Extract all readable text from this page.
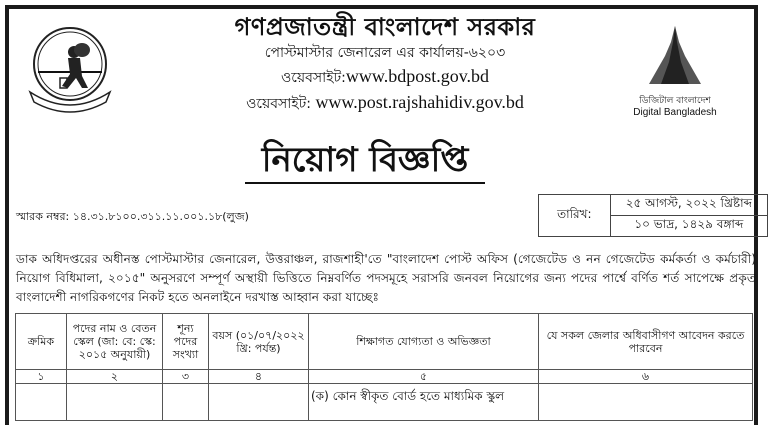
গণপ্রজাতন্ত্রী বাংলাদেশ সরকার
পোস্টমাস্টার জেনারেল এর কার্যালয়-৬২০৩
ওয়েবসাইট:www.bdpost.gov.bd
ওয়েবসাইট: www.post.rajshahidiv.gov.bd	ডিজিটাল বাংলাদেশ
Digital Bangladesh
নিয়োগ বিজ্ঞপ্তি
স্মারক নম্বর: ১৪.৩১.৮১০০.৩১১.১১.০০১.১৮(লুজ)	তারিখ:	২৫ আগস্ট, ২০২২ খ্রিষ্টাব্দ
১০ ভাদ্র, ১৪২৯ বঙ্গাব্দ
ডাক অধিদপ্তরের অধীনস্ত পোস্টমাস্টার জেনারেল, উত্তরাঞ্চল, রাজশাহী'তে "বাংলাদেশ পোস্ট অফিস (গেজেটেড ও নন গেজেটেড কর্মকর্তা ও কর্মচারী) নিয়োগ বিধিমালা, ২০১৫" অনুসরণে সম্পূর্ণ অস্থায়ী ভিত্তিতে নিম্নবর্ণিত পদসমূহে সরাসরি জনবল নিয়োগের জন্য পদের পার্শ্বে বর্ণিত শর্ত সাপেক্ষে প্রকৃত বাংলাদেশী নাগরিকগণের নিকট হতে অনলাইনে দরখাস্ত আহ্বান করা যাচ্ছেঃ
ক্রমিক	পদের নাম ও বেতন স্কেল (জা: বে: স্কে: ২০১৫ অনুযায়ী)	শূন্য পদের সংখ্যা	বয়স (০১/০৭/২০২২ খ্রি: পর্যন্ত)	শিক্ষাগত যোগ্যতা ও অভিজ্ঞতা	যে সকল জেলার অধিবাসীগণ আবেদন করতে পারবেন
১	২	৩	৪	৫	৬
				(ক) কোন স্বীকৃত বোর্ড হতে মাধ্যমিক স্কুল	
